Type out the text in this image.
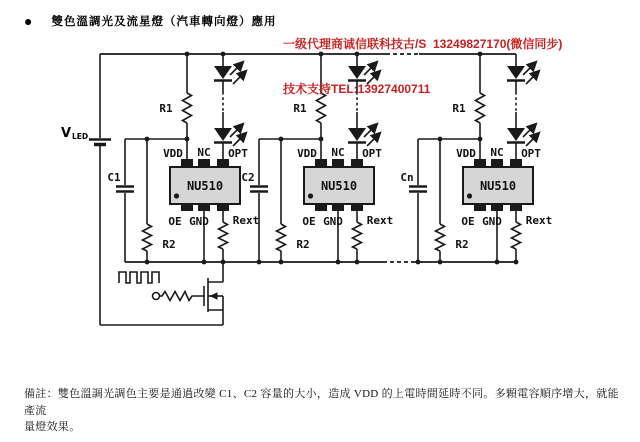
V LED
R1
C1
R2
VDD NC OPT
OE GND Rext
NU510
R1
C2
R2
VDD NC OPT
OE GND Rext
NU510
R1
Cn
R2
VDD NC OPT
OE GND Rext
NU510
● 雙色溫調光及流星燈（汽車轉向燈）應用

一级代理商诚信联科技古/S  13249827170(微信同步)

技术支持TEL:13927400711

備註：雙色溫調光調色主要是通過改變 C1、C2 容量的大小，造成 VDD 的上電時間延時不同。多顆電容順序增大，就能產流
量燈效果。
